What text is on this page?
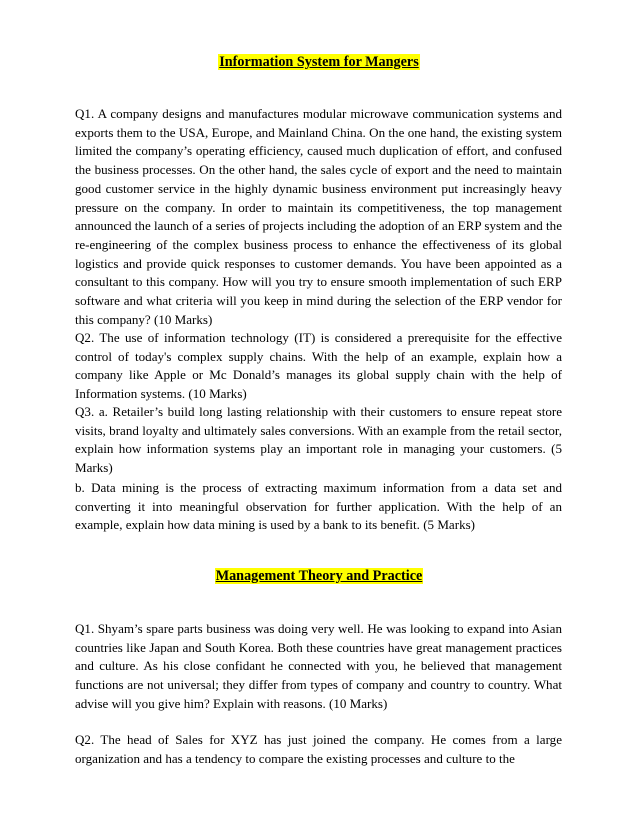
Information System for Mangers

Q1. A company designs and manufactures modular microwave communication systems and exports them to the USA, Europe, and Mainland China. On the one hand, the existing system limited the company’s operating efficiency, caused much duplication of effort, and confused the business processes. On the other hand, the sales cycle of export and the need to maintain good customer service in the highly dynamic business environment put increasingly heavy pressure on the company. In order to maintain its competitiveness, the top management announced the launch of a series of projects including the adoption of an ERP system and the re-engineering of the complex business process to enhance the effectiveness of its global logistics and provide quick responses to customer demands. You have been appointed as a consultant to this company. How will you try to ensure smooth implementation of such ERP software and what criteria will you keep in mind during the selection of the ERP vendor for this company? (10 Marks)

Q2. The use of information technology (IT) is considered a prerequisite for the effective control of today's complex supply chains. With the help of an example, explain how a company like Apple or Mc Donald’s manages its global supply chain with the help of Information systems. (10 Marks)

Q3. a. Retailer’s build long lasting relationship with their customers to ensure repeat store visits, brand loyalty and ultimately sales conversions. With an example from the retail sector, explain how information systems play an important role in managing your customers. (5 Marks)

b. Data mining is the process of extracting maximum information from a data set and converting it into meaningful observation for further application. With the help of an example, explain how data mining is used by a bank to its benefit. (5 Marks)

Management Theory and Practice

Q1. Shyam’s spare parts business was doing very well. He was looking to expand into Asian countries like Japan and South Korea. Both these countries have great management practices and culture. As his close confidant he connected with you, he believed that management functions are not universal; they differ from types of company and country to country. What advise will you give him? Explain with reasons. (10 Marks)

Q2. The head of Sales for XYZ has just joined the company. He comes from a large organization and has a tendency to compare the existing processes and culture to the
